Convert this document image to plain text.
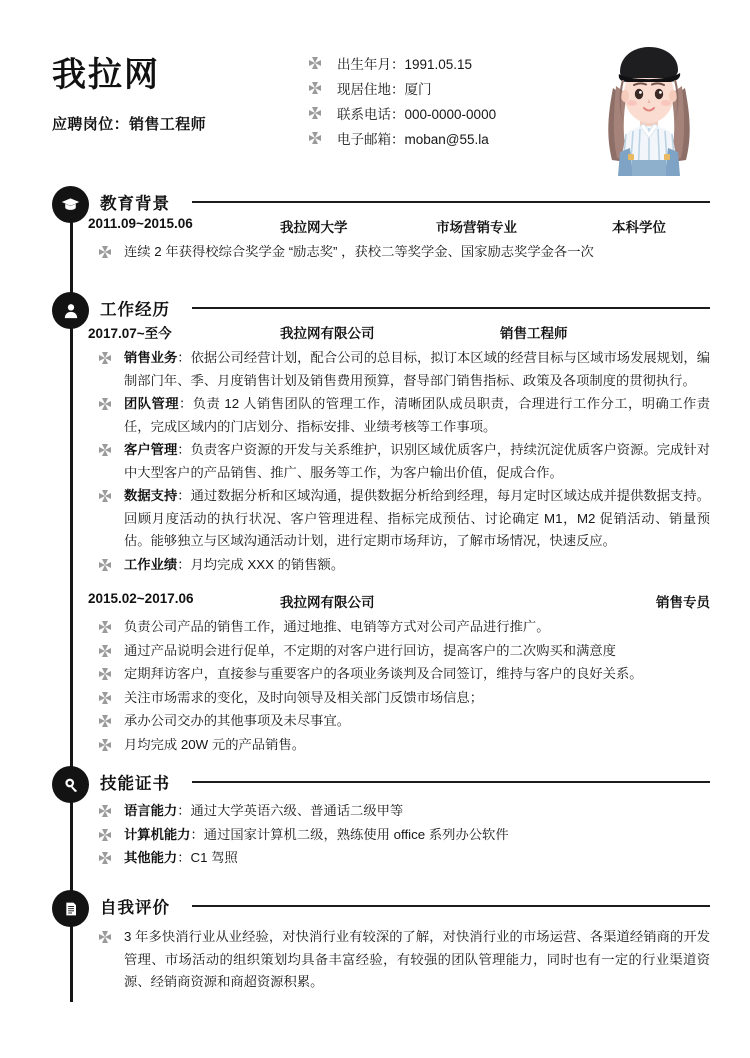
我拉网
应聘岗位：销售工程师
出生年月：1991.05.15
现居住地：厦门
联系电话：000-0000-0000
电子邮箱：moban@55.la
教育背景
2011.09~2015.06	我拉网大学	市场营销专业	本科学位
连续 2 年获得校综合奖学金 “励志奖” ，获校二等奖学金、国家励志奖学金各一次
工作经历
2017.07~至今	我拉网有限公司	销售工程师
销售业务：依据公司经营计划，配合公司的总目标，拟订本区域的经营目标与区域市场发展规划，编制部门年、季、月度销售计划及销售费用预算，督导部门销售指标、政策及各项制度的贯彻执行。
团队管理：负责 12 人销售团队的管理工作，清晰团队成员职责，合理进行工作分工，明确工作责任，完成区域内的门店划分、指标安排、业绩考核等工作事项。
客户管理：负责客户资源的开发与关系维护，识别区域优质客户，持续沉淀优质客户资源。完成针对中大型客户的产品销售、推广、服务等工作，为客户输出价值，促成合作。
数据支持：通过数据分析和区域沟通，提供数据分析给到经理，每月定时区域达成并提供数据支持。回顾月度活动的执行状况、客户管理进程、指标完成预估、讨论确定 M1，M2 促销活动、销量预估。能够独立与区域沟通活动计划，进行定期市场拜访，了解市场情况，快速反应。
工作业绩：月均完成 XXX 的销售额。
2015.02~2017.06	我拉网有限公司	销售专员
负责公司产品的销售工作，通过地推、电销等方式对公司产品进行推广。
通过产品说明会进行促单，不定期的对客户进行回访，提高客户的二次购买和满意度
定期拜访客户，直接参与重要客户的各项业务谈判及合同签订，维持与客户的良好关系。
关注市场需求的变化，及时向领导及相关部门反馈市场信息；
承办公司交办的其他事项及未尽事宜。
月均完成 20W 元的产品销售。
技能证书
语言能力：通过大学英语六级、普通话二级甲等
计算机能力：通过国家计算机二级，熟练使用 office 系列办公软件
其他能力：C1 驾照
自我评价
3 年多快消行业从业经验，对快消行业有较深的了解，对快消行业的市场运营、各渠道经销商的开发管理、市场活动的组织策划均具备丰富经验，有较强的团队管理能力，同时也有一定的行业渠道资源、经销商资源和商超资源积累。
